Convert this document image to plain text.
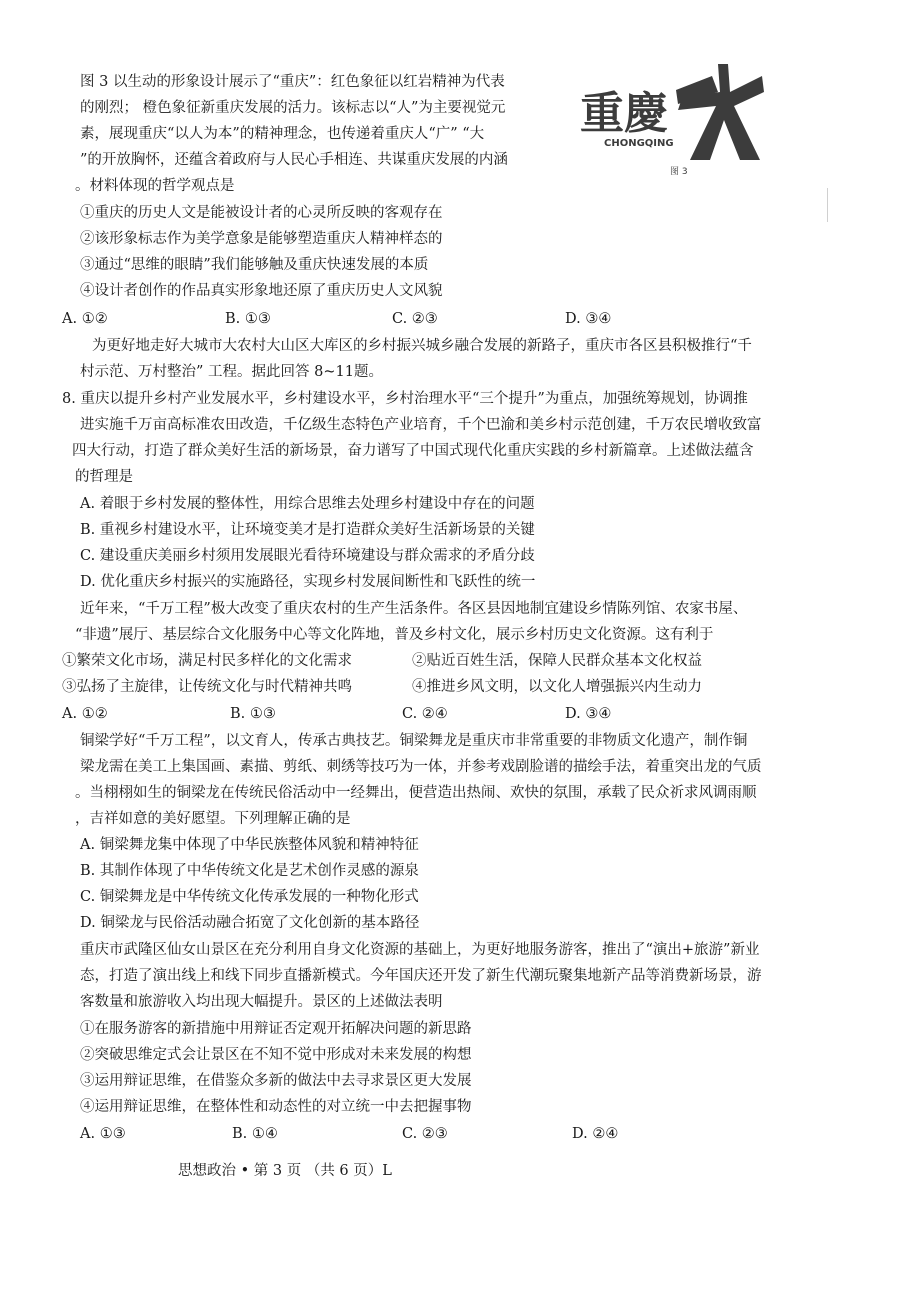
图 3 以生动的形象设计展示了“重庆”：红色象征以红岩精神为代表
的刚烈； 橙色象征新重庆发展的活力。该标志以“人”为主要视觉元
素，展现重庆“以人为本”的精神理念，也传递着重庆人“广” “大
”的开放胸怀，还蕴含着政府与人民心手相连、共谋重庆发展的内涵
。材料体现的哲学观点是
重慶
CHONGQING
图 3
①重庆的历史人文是能被设计者的心灵所反映的客观存在
②该形象标志作为美学意象是能够塑造重庆人精神样态的
③通过“思维的眼睛”我们能够触及重庆快速发展的本质
④设计者创作的作品真实形象地还原了重庆历史人文风貌
A. ①②	B. ①③	C. ②③	D. ③④
为更好地走好大城市大农村大山区大库区的乡村振兴城乡融合发展的新路子，重庆市各区县积极推行“千
村示范、万村整治” 工程。据此回答 8~11题。
8. 重庆以提升乡村产业发展水平，乡村建设水平，乡村治理水平“三个提升”为重点，加强统筹规划，协调推
进实施千万亩高标准农田改造，千亿级生态特色产业培育，千个巴渝和美乡村示范创建，千万农民增收致富
四大行动，打造了群众美好生活的新场景，奋力谱写了中国式现代化重庆实践的乡村新篇章。上述做法蕴含
的哲理是
A. 着眼于乡村发展的整体性，用综合思维去处理乡村建设中存在的问题
B. 重视乡村建设水平，让环境变美才是打造群众美好生活新场景的关键
C. 建设重庆美丽乡村须用发展眼光看待环境建设与群众需求的矛盾分歧
D. 优化重庆乡村振兴的实施路径，实现乡村发展间断性和飞跃性的统一
近年来，“千万工程”极大改变了重庆农村的生产生活条件。各区县因地制宜建设乡情陈列馆、农家书屋、
“非遗”展厅、基层综合文化服务中心等文化阵地，普及乡村文化，展示乡村历史文化资源。这有利于
①繁荣文化市场，满足村民多样化的文化需求	②贴近百姓生活，保障人民群众基本文化权益
③弘扬了主旋律，让传统文化与时代精神共鸣	④推进乡风文明，以文化人增强振兴内生动力
A. ①②	B. ①③	C. ②④	D. ③④
铜梁学好“千万工程”，以文育人，传承古典技艺。铜梁舞龙是重庆市非常重要的非物质文化遗产，制作铜
梁龙需在美工上集国画、素描、剪纸、刺绣等技巧为一体，并参考戏剧脸谱的描绘手法，着重突出龙的气质
。当栩栩如生的铜梁龙在传统民俗活动中一经舞出，便营造出热闹、欢快的氛围，承载了民众祈求风调雨顺
，吉祥如意的美好愿望。下列理解正确的是
A. 铜梁舞龙集中体现了中华民族整体风貌和精神特征
B. 其制作体现了中华传统文化是艺术创作灵感的源泉
C. 铜梁舞龙是中华传统文化传承发展的一种物化形式
D. 铜梁龙与民俗活动融合拓宽了文化创新的基本路径
重庆市武隆区仙女山景区在充分利用自身文化资源的基础上，为更好地服务游客，推出了“演出+旅游”新业
态，打造了演出线上和线下同步直播新模式。今年国庆还开发了新生代潮玩聚集地新产品等消费新场景，游
客数量和旅游收入均出现大幅提升。景区的上述做法表明
①在服务游客的新措施中用辩证否定观开拓解决问题的新思路
②突破思维定式会让景区在不知不觉中形成对未来发展的构想
③运用辩证思维，在借鉴众多新的做法中去寻求景区更大发展
④运用辩证思维，在整体性和动态性的对立统一中去把握事物
A. ①③	B. ①④	C. ②③	D. ②④
思想政治 • 第 3 页 （共 6 页）L
